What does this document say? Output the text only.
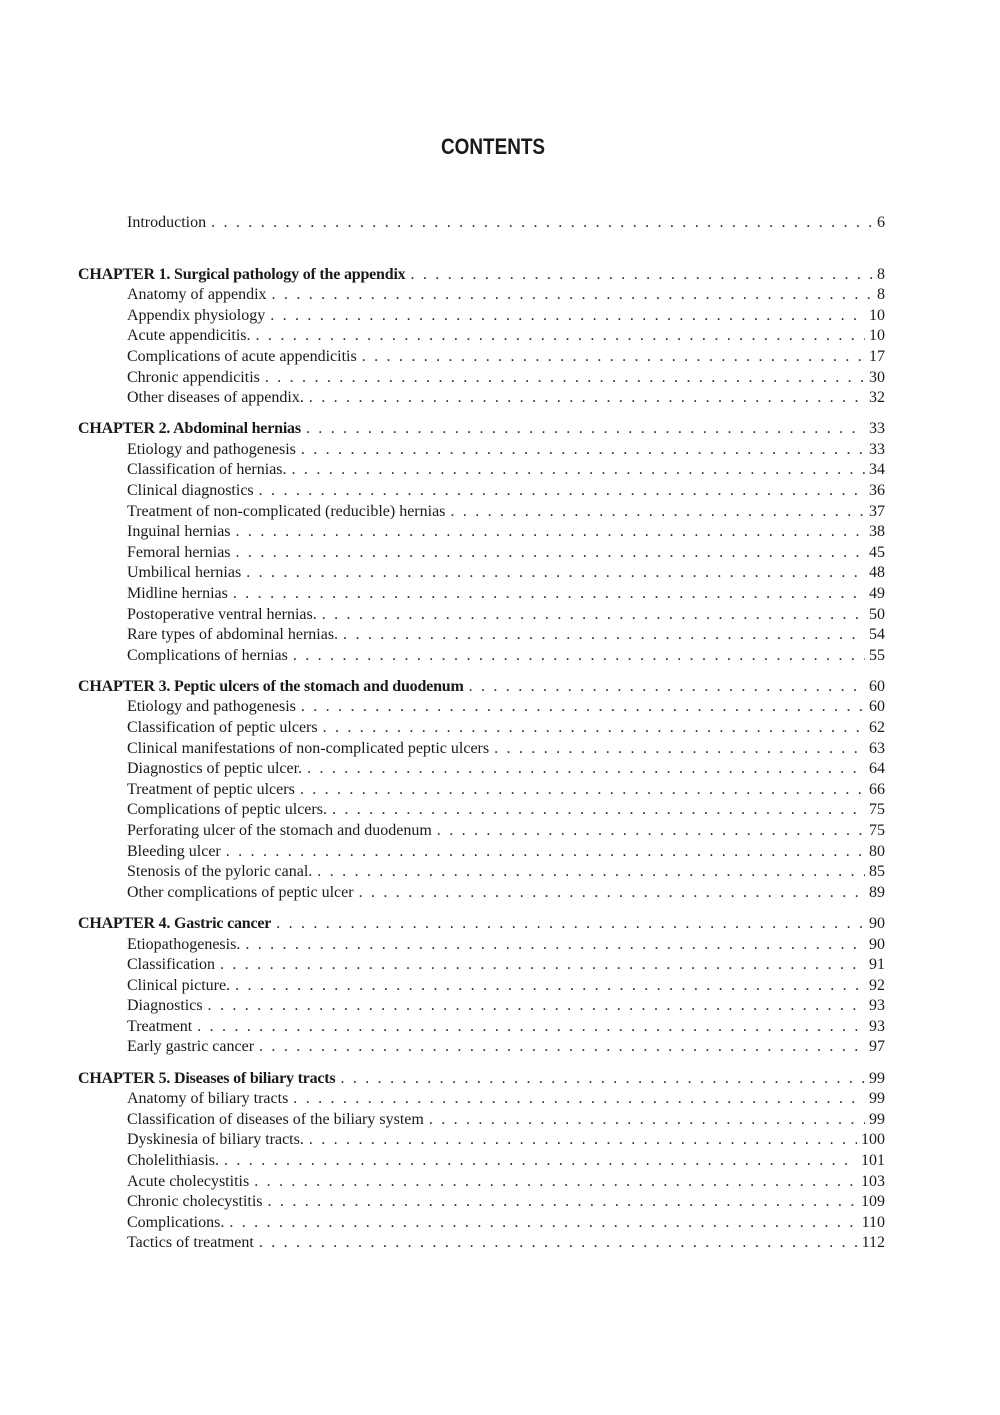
CONTENTS
Introduction . . .	6
CHAPTER 1. Surgical pathology of the appendix . . .	8
Anatomy of appendix . . .	8
Appendix physiology . . .	10
Acute appendicitis. . . .	10
Complications of acute appendicitis . . .	17
Chronic appendicitis . . .	30
Other diseases of appendix. . . .	32
CHAPTER 2. Abdominal hernias . . .	33
Etiology and pathogenesis . . .	33
Classification of hernias. . . .	34
Clinical diagnostics . . .	36
Treatment of non-complicated (reducible) hernias . . .	37
Inguinal hernias . . .	38
Femoral hernias . . .	45
Umbilical hernias . . .	48
Midline hernias . . .	49
Postoperative ventral hernias. . . .	50
Rare types of abdominal hernias. . . .	54
Complications of hernias . . .	55
CHAPTER 3. Peptic ulcers of the stomach and duodenum . . .	60
Etiology and pathogenesis . . .	60
Classification of peptic ulcers . . .	62
Clinical manifestations of non-complicated peptic ulcers . . .	63
Diagnostics of peptic ulcer. . . .	64
Treatment of peptic ulcers . . .	66
Complications of peptic ulcers. . . .	75
Perforating ulcer of the stomach and duodenum . . .	75
Bleeding ulcer . . .	80
Stenosis of the pyloric canal. . . .	85
Other complications of peptic ulcer . . .	89
CHAPTER 4. Gastric cancer . . .	90
Etiopathogenesis. . . .	90
Classification . . .	91
Clinical picture. . . .	92
Diagnostics . . .	93
Treatment . . .	93
Early gastric cancer . . .	97
CHAPTER 5. Diseases of biliary tracts . . .	99
Anatomy of biliary tracts . . .	99
Classification of diseases of the biliary system . . .	99
Dyskinesia of biliary tracts. . . .	100
Cholelithiasis. . . .	101
Acute cholecystitis . . .	103
Chronic cholecystitis . . .	109
Complications. . . .	110
Tactics of treatment . . .	112
